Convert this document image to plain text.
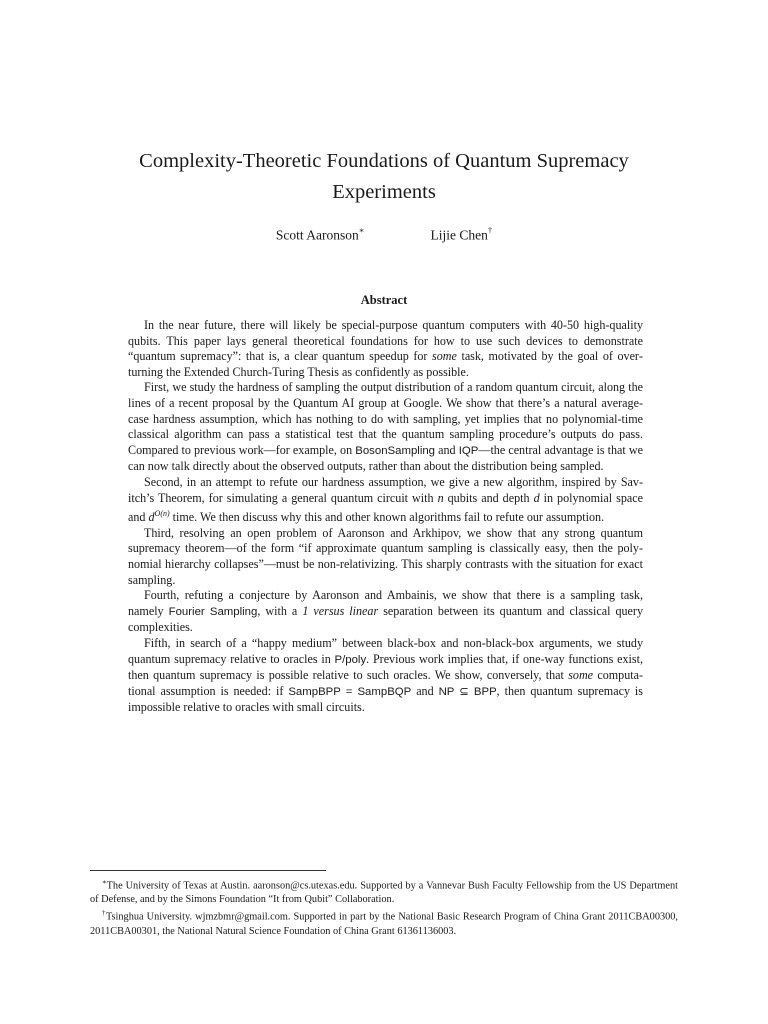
Complexity-Theoretic Foundations of Quantum Supremacy Experiments
Scott Aaronson∗	Lijie Chen†
Abstract

In the near future, there will likely be special-purpose quantum computers with 40-50 high-quality qubits. This paper lays general theoretical foundations for how to use such devices to demonstrate “quantum supremacy”: that is, a clear quantum speedup for some task, motivated by the goal of overturning the Extended Church-Turing Thesis as confidently as possible.

First, we study the hardness of sampling the output distribution of a random quantum circuit, along the lines of a recent proposal by the Quantum AI group at Google. We show that there’s a natural average-case hardness assumption, which has nothing to do with sampling, yet implies that no polynomial-time classical algorithm can pass a statistical test that the quantum sampling procedure’s outputs do pass. Compared to previous work—for example, on BosonSampling and IQP—the central advantage is that we can now talk directly about the observed outputs, rather than about the distribution being sampled.

Second, in an attempt to refute our hardness assumption, we give a new algorithm, inspired by Savitch’s Theorem, for simulating a general quantum circuit with n qubits and depth d in polynomial space and $d^{O(n)}$ time. We then discuss why this and other known algorithms fail to refute our assumption.

Third, resolving an open problem of Aaronson and Arkhipov, we show that any strong quantum supremacy theorem—of the form “if approximate quantum sampling is classically easy, then the polynomial hierarchy collapses”—must be non-relativizing. This sharply contrasts with the situation for exact sampling.

Fourth, refuting a conjecture by Aaronson and Ambainis, we show that there is a sampling task, namely Fourier Sampling, with a 1 versus linear separation between its quantum and classical query complexities.

Fifth, in search of a “happy medium” between black-box and non-black-box arguments, we study quantum supremacy relative to oracles in P/poly. Previous work implies that, if one-way functions exist, then quantum supremacy is possible relative to such oracles. We show, conversely, that some computational assumption is needed: if SampBPP = SampBQP and NP ⊆ BPP, then quantum supremacy is impossible relative to oracles with small circuits.

∗The University of Texas at Austin. aaronson@cs.utexas.edu. Supported by a Vannevar Bush Faculty Fellowship from the US Department of Defense, and by the Simons Foundation “It from Qubit” Collaboration.

†Tsinghua University. wjmzbmr@gmail.com. Supported in part by the National Basic Research Program of China Grant 2011CBA00300, 2011CBA00301, the National Natural Science Foundation of China Grant 61361136003.
